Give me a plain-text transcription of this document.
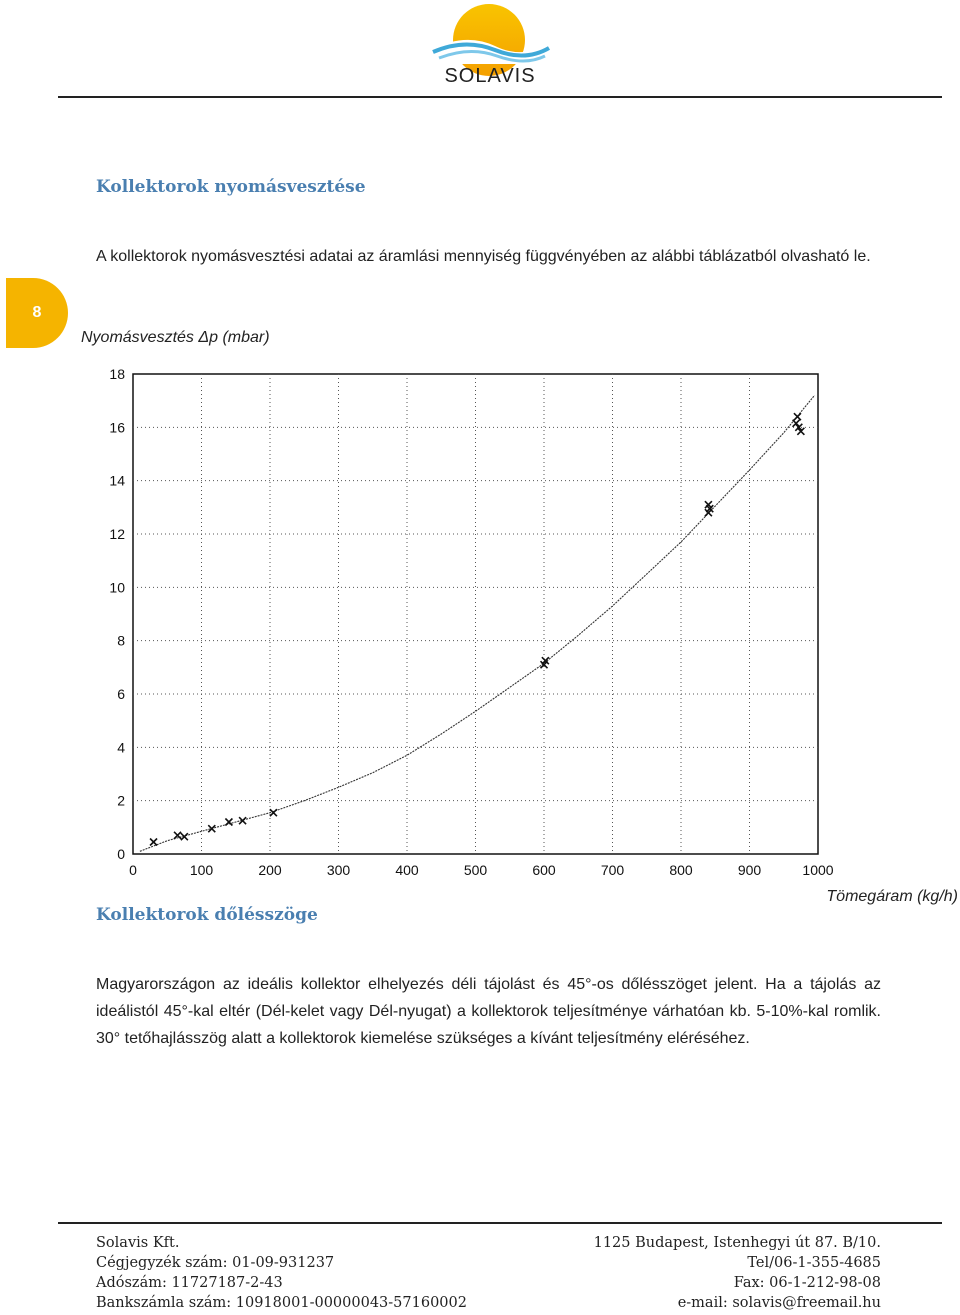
SOLAVIS
8
Kollektorok nyomásvesztése
A kollektorok nyomásvesztési adatai az áramlási mennyiség függvényében az alábbi táblázatból olvasható le.
Nyomásvesztés Δp (mbar)
0	100	200	300	400	500	600	700	800	900	1000
0
2
4
6
8
10
12
14
16
18
Kollektorok dőlésszöge
Tömegáram (kg/h)
Magyarországon az ideális kollektor elhelyezés déli tájolást és 45°-os dőlésszöget jelent. Ha a tájolás az ideálistól 45°-kal eltér (Dél-kelet vagy Dél-nyugat) a kollektorok teljesítménye várhatóan kb. 5-10%-kal romlik. 30° tetőhajlásszög alatt a kollektorok kiemelése szükséges a kívánt teljesítmény eléréséhez.
Solavis Kft.
Cégjegyzék szám: 01-09-931237
Adószám: 11727187-2-43
Bankszámla szám: 10918001-00000043-57160002
1125 Budapest, Istenhegyi út 87. B/10.
Tel/06-1-355-4685
Fax: 06-1-212-98-08
e-mail: solavis@freemail.hu
